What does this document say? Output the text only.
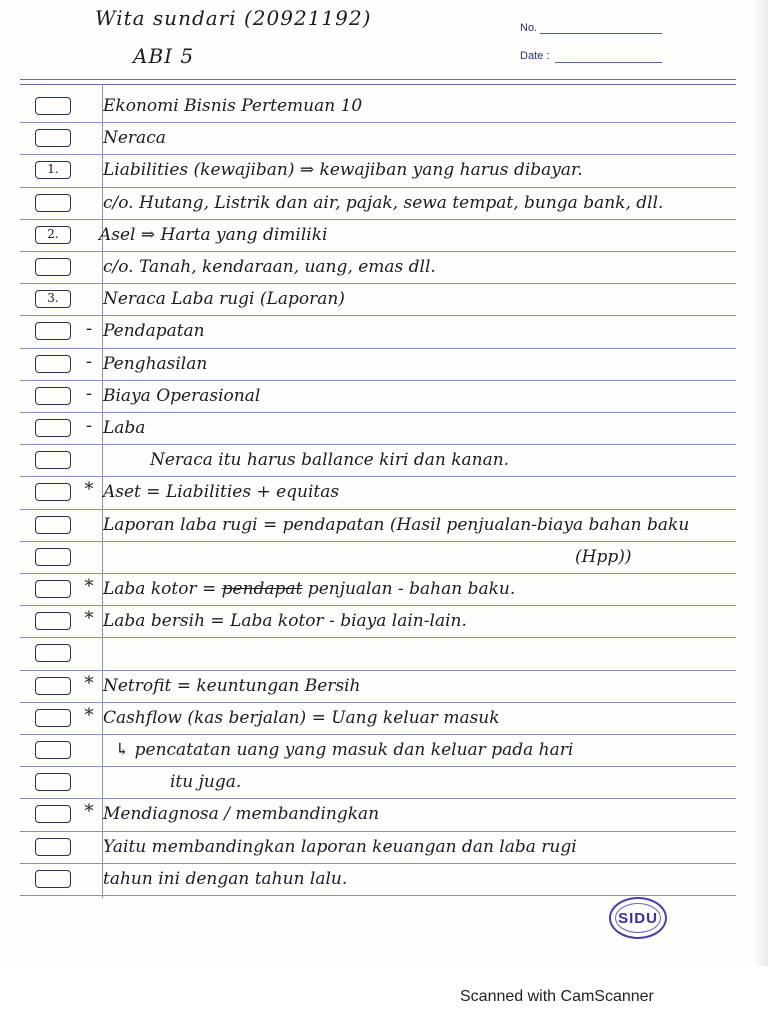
Wita sundari (20921192)
ABI 5
No.
Date :
Ekonomi Bisnis Pertemuan 10
Neraca
1.	Liabilities (kewajiban) ⇒ kewajiban yang harus dibayar.
c/o. Hutang, Listrik dan air, pajak, sewa tempat, bunga bank, dll.
2.	Asel ⇒ Harta yang dimiliki
c/o. Tanah, kendaraan, uang, emas dll.
3.	Neraca Laba rugi (Laporan)
- Pendapatan
- Penghasilan
- Biaya Operasional
- Laba
Neraca itu harus ballance kiri dan kanan.
* Aset = Liabilities + equitas
Laporan laba rugi = pendapatan (Hasil penjualan-biaya bahan baku
(Hpp))
* Laba kotor = pendapat penjualan - bahan baku.
* Laba bersih = Laba kotor - biaya lain-lain.
* Netrofit = keuntungan Bersih
* Cashflow (kas berjalan) = Uang keluar masuk
↳ pencatatan uang yang masuk dan keluar pada hari
itu juga.
* Mendiagnosa / membandingkan
Yaitu membandingkan laporan keuangan dan laba rugi
tahun ini dengan tahun lalu.
SIDU
Scanned with CamScanner
